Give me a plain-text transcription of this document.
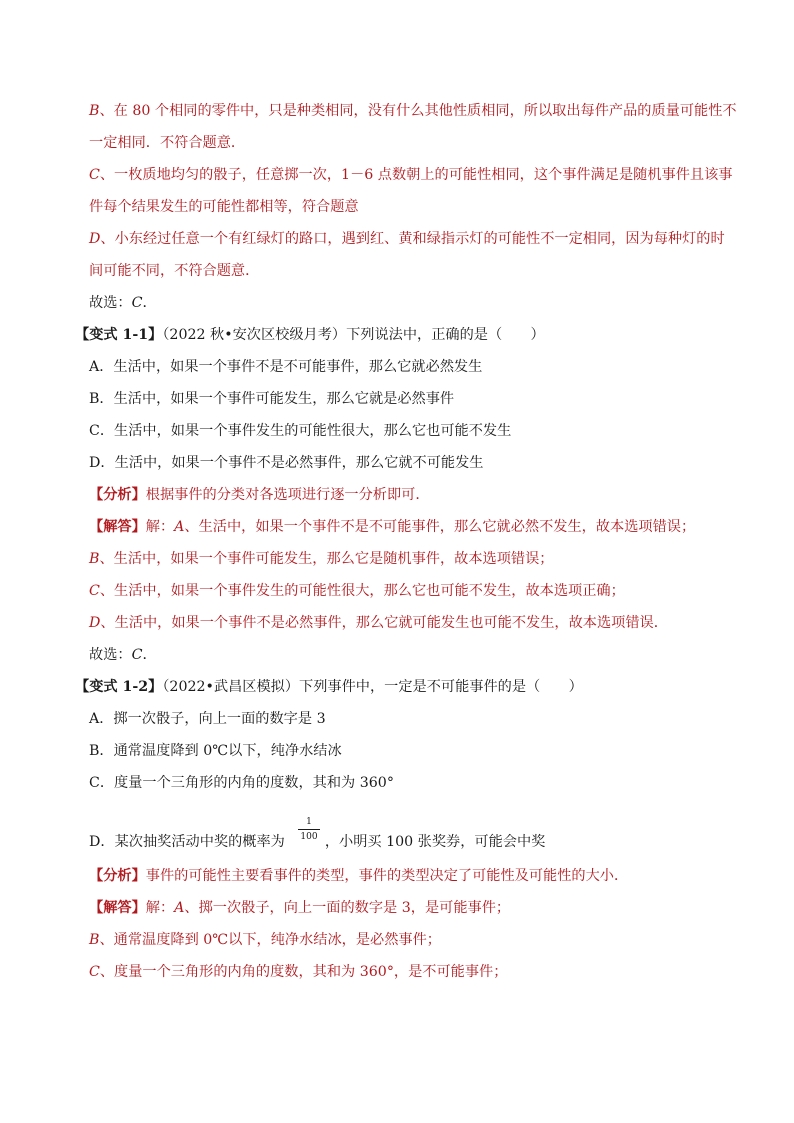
B、在 80 个相同的零件中，只是种类相同，没有什么其他性质相同，所以取出每件产品的质量可能性不
一定相同．不符合题意．
C、一枚质地均匀的骰子，任意掷一次，1－6 点数朝上的可能性相同，这个事件满足是随机事件且该事
件每个结果发生的可能性都相等，符合题意
D、小东经过任意一个有红绿灯的路口，遇到红、黄和绿指示灯的可能性不一定相同，因为每种灯的时
间可能不同，不符合题意．
故选：C．
【变式 1-1】（2022 秋•安次区校级月考）下列说法中，正确的是（　　）
A．生活中，如果一个事件不是不可能事件，那么它就必然发生
B．生活中，如果一个事件可能发生，那么它就是必然事件
C．生活中，如果一个事件发生的可能性很大，那么它也可能不发生
D．生活中，如果一个事件不是必然事件，那么它就不可能发生
【分析】根据事件的分类对各选项进行逐一分析即可．
【解答】解：A、生活中，如果一个事件不是不可能事件，那么它就必然不发生，故本选项错误；
B、生活中，如果一个事件可能发生，那么它是随机事件，故本选项错误；
C、生活中，如果一个事件发生的可能性很大，那么它也可能不发生，故本选项正确；
D、生活中，如果一个事件不是必然事件，那么它就可能发生也可能不发生，故本选项错误．
故选：C．
【变式 1-2】（2022•武昌区模拟）下列事件中，一定是不可能事件的是（　　）
A．掷一次骰子，向上一面的数字是 3
B．通常温度降到 0℃以下，纯净水结冰
C．度量一个三角形的内角的度数，其和为 360°
D．某次抽奖活动中奖的概率为	，小明买 100 张奖券，可能会中奖
$\frac{1}{100}$
【分析】事件的可能性主要看事件的类型，事件的类型决定了可能性及可能性的大小．
【解答】解：A、掷一次骰子，向上一面的数字是 3，是可能事件；
B、通常温度降到 0℃以下，纯净水结冰，是必然事件；
C、度量一个三角形的内角的度数，其和为 360°，是不可能事件；
